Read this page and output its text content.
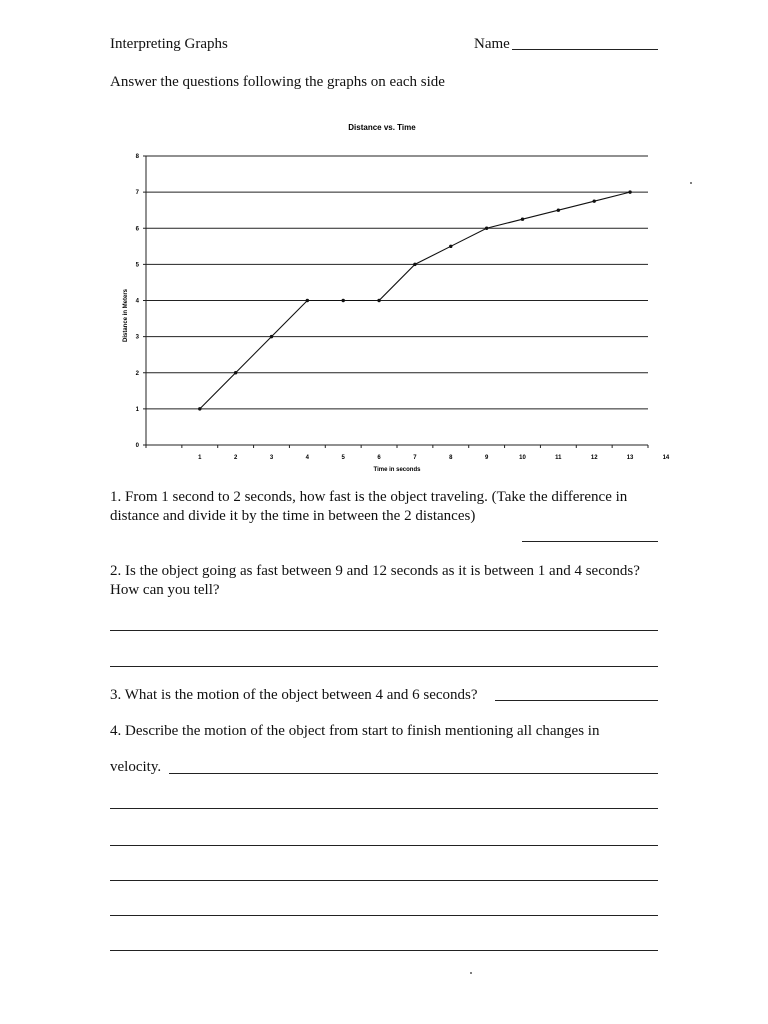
Interpreting Graphs	Name
Answer the questions following the graphs on each side
Distance vs. Time
0
1
2
3
4
5
6
7
8
1	2	3	4	5	6	7	8	9	10	11	12	13	14
Time in seconds
Distance in Meters
1. From 1 second to 2 seconds, how fast is the object traveling. (Take the difference in distance and divide it by the time in between the 2 distances)
2. Is the object going as fast between 9 and 12 seconds as it is between 1 and 4 seconds? How can you tell?
3. What is the motion of the object between 4 and 6 seconds?
4. Describe the motion of the object from start to finish mentioning all changes in
velocity.
